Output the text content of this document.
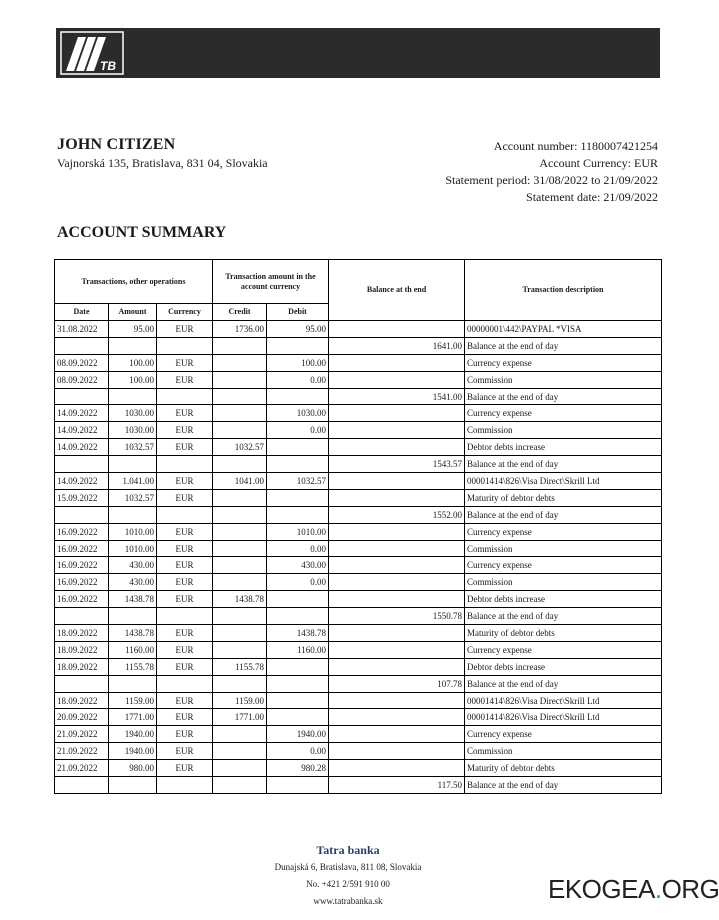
TB
JOHN CITIZEN
Vajnorská 135, Bratislava, 831 04, Slovakia
Account number: 1180007421254
Account Currency: EUR
Statement period: 31/08/2022 to 21/09/2022
Statement date: 21/09/2022
ACCOUNT SUMMARY
Transactions, other operations			Transaction amount in the account currency		Balance at th end	Transaction description
Date	Amount	Currency	Credit	Debit		
31.08.2022	95.00	EUR	1736.00	95.00		00000001\442\PAYPAL *VISA
					1641.00	Balance at the end of day
08.09.2022	100.00	EUR		100.00		Currency expense
08.09.2022	100.00	EUR		0.00		Commission
					1541.00	Balance at the end of day
14.09.2022	1030.00	EUR		1030.00		Currency expense
14.09.2022	1030.00	EUR		0.00		Commission
14.09.2022	1032.57	EUR	1032.57			Debtor debts increase
					1543.57	Balance at the end of day
14.09.2022	1.041.00	EUR	1041.00	1032.57		00001414\826\Visa Direct\Skrill Ltd
15.09.2022	1032.57	EUR				Maturity of debtor debts
					1552.00	Balance at the end of day
16.09.2022	1010.00	EUR		1010.00		Currency expense
16.09.2022	1010.00	EUR		0.00		Commission
16.09.2022	430.00	EUR		430.00		Currency expense
16.09.2022	430.00	EUR		0.00		Commission
16.09.2022	1438.78	EUR	1438.78			Debtor debts increase
					1550.78	Balance at the end of day
18.09.2022	1438.78	EUR		1438.78		Maturity of debtor debts
18.09.2022	1160.00	EUR		1160.00		Currency expense
18.09.2022	1155.78	EUR	1155.78			Debtor debts increase
					107.78	Balance at the end of day
18.09.2022	1159.00	EUR	1159.00			00001414\826\Visa Direct\Skrill Ltd
20.09.2022	1771.00	EUR	1771.00			00001414\826\Visa Direct\Skrill Ltd
21.09.2022	1940.00	EUR		1940.00		Currency expense
21.09.2022	1940.00	EUR		0.00		Commission
21.09.2022	980.00	EUR		980.28		Maturity of debtor debts
					117.50	Balance at the end of day
Tatra banka
Dunajská 6, Bratislava, 811 08, Slovakia
No. +421 2/591 910 00
www.tatrabanka.sk	EKOGEA.ORG
